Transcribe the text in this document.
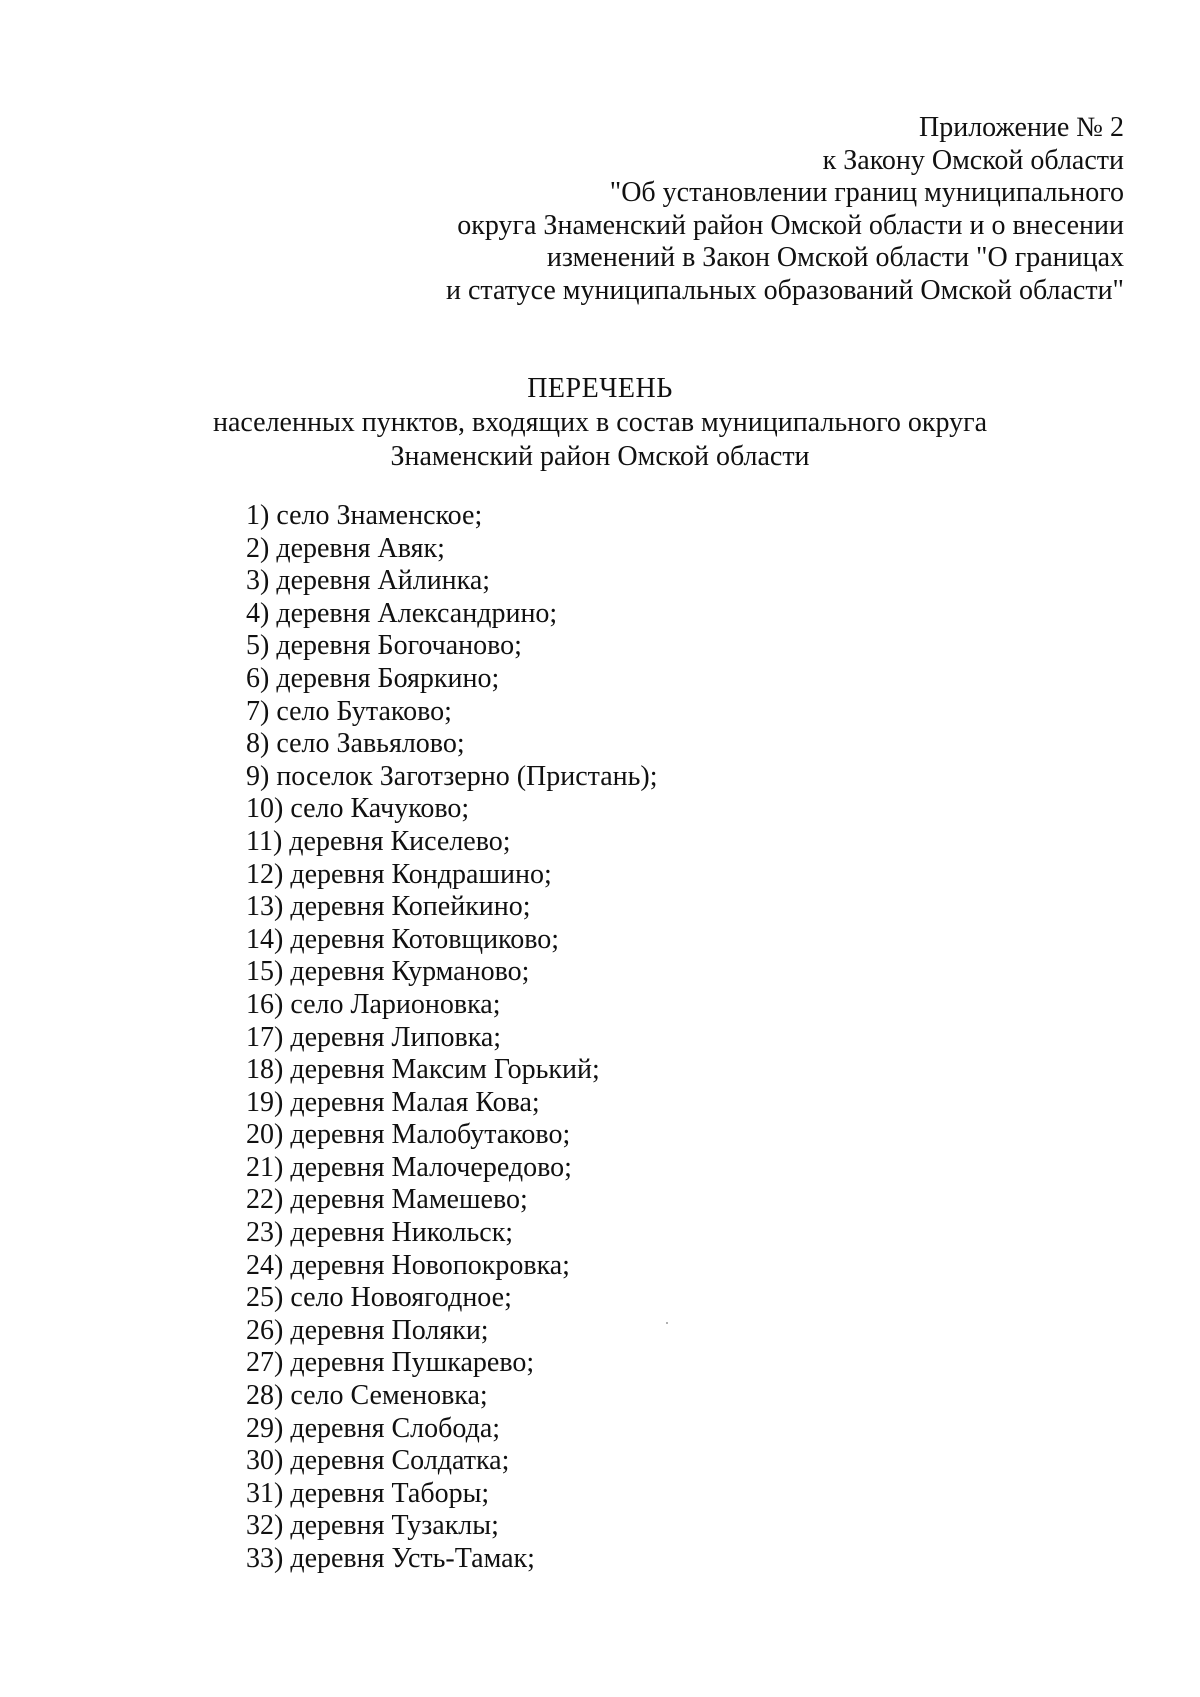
Приложение № 2
к Закону Омской области
"Об установлении границ муниципального
округа Знаменский район Омской области и о внесении
изменений в Закон Омской области "О границах
и статусе муниципальных образований Омской области"
ПЕРЕЧЕНЬ
населенных пунктов, входящих в состав муниципального округа
Знаменский район Омской области
1) село Знаменское;
2) деревня Авяк;
3) деревня Айлинка;
4) деревня Александрино;
5) деревня Богочаново;
6) деревня Бояркино;
7) село Бутаково;
8) село Завьялово;
9) поселок Заготзерно (Пристань);
10) село Качуково;
11) деревня Киселево;
12) деревня Кондрашино;
13) деревня Копейкино;
14) деревня Котовщиково;
15) деревня Курманово;
16) село Ларионовка;
17) деревня Липовка;
18) деревня Максим Горький;
19) деревня Малая Кова;
20) деревня Малобутаково;
21) деревня Малочередово;
22) деревня Мамешево;
23) деревня Никольск;
24) деревня Новопокровка;
25) село Новоягодное;
26) деревня Поляки;
27) деревня Пушкарево;
28) село Семеновка;
29) деревня Слобода;
30) деревня Солдатка;
31) деревня Таборы;
32) деревня Тузаклы;
33) деревня Усть-Тамак;
